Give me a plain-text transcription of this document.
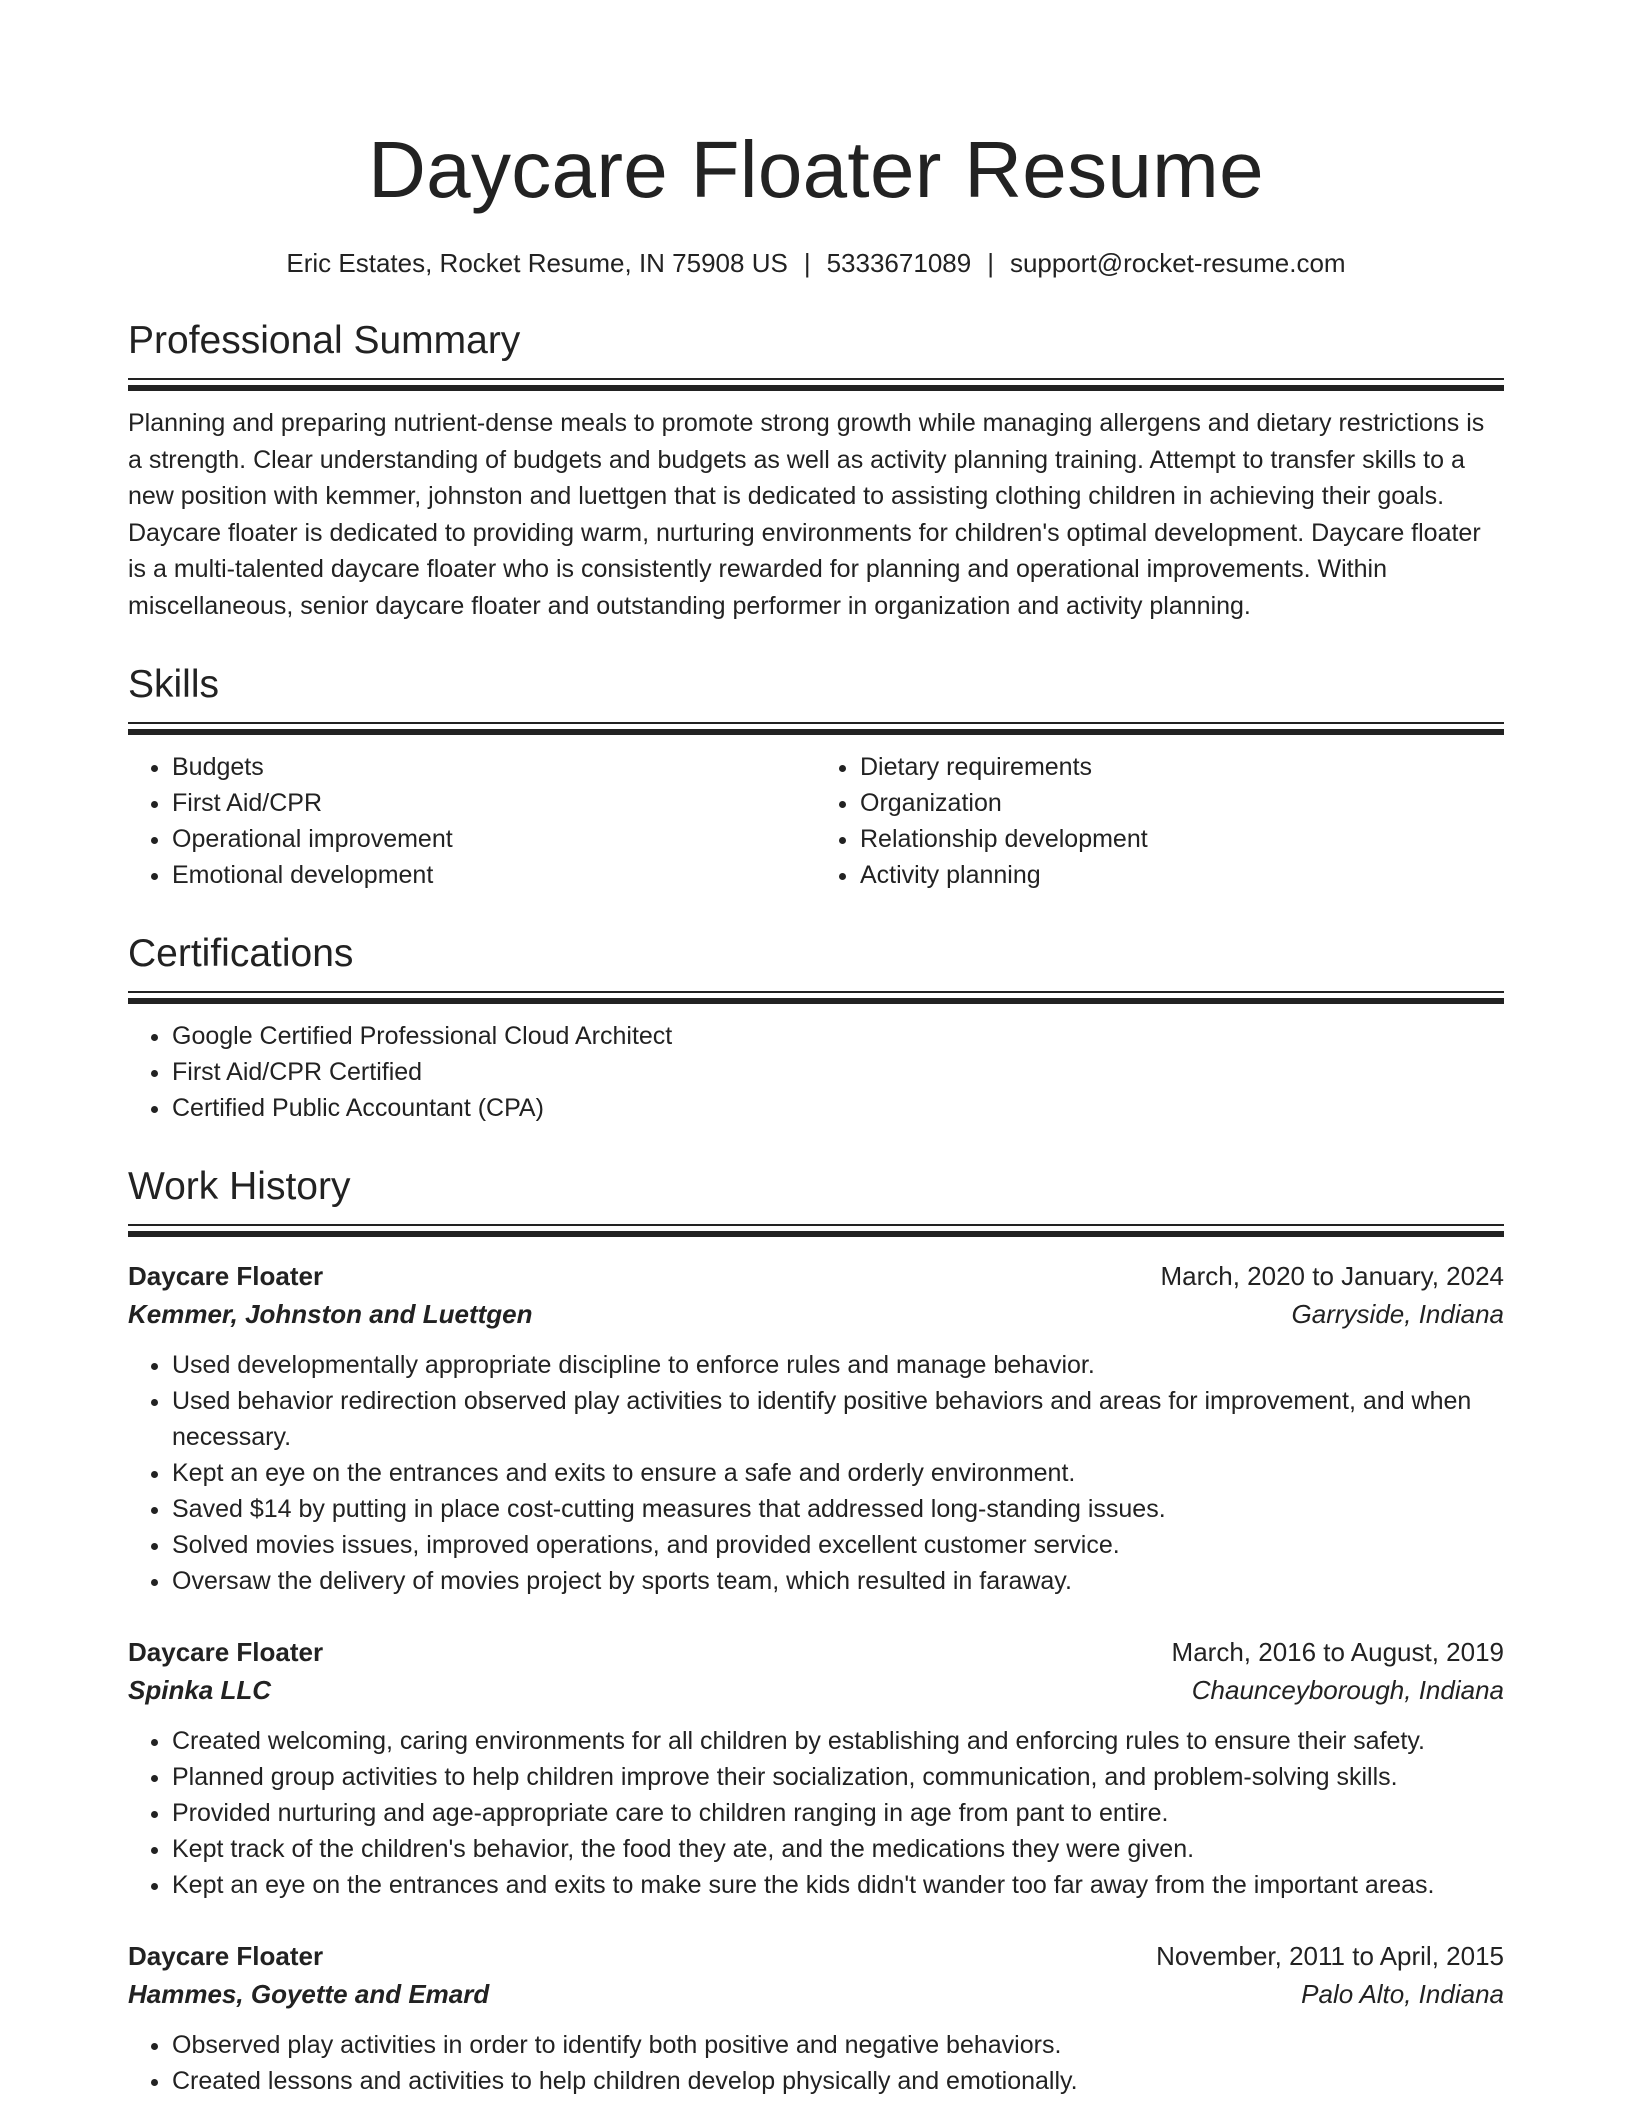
Daycare Floater Resume
Eric Estates, Rocket Resume, IN 75908 US | 5333671089 | support@rocket-resume.com
Professional Summary
Planning and preparing nutrient-dense meals to promote strong growth while managing allergens and dietary restrictions is a strength. Clear understanding of budgets and budgets as well as activity planning training. Attempt to transfer skills to a new position with kemmer, johnston and luettgen that is dedicated to assisting clothing children in achieving their goals. Daycare floater is dedicated to providing warm, nurturing environments for children's optimal development. Daycare floater is a multi-talented daycare floater who is consistently rewarded for planning and operational improvements. Within miscellaneous, senior daycare floater and outstanding performer in organization and activity planning.
Skills
• Budgets
• First Aid/CPR
• Operational improvement
• Emotional development
• Dietary requirements
• Organization
• Relationship development
• Activity planning
Certifications
• Google Certified Professional Cloud Architect
• First Aid/CPR Certified
• Certified Public Accountant (CPA)
Work History
Daycare Floater	March, 2020 to January, 2024
Kemmer, Johnston and Luettgen	Garryside, Indiana
• Used developmentally appropriate discipline to enforce rules and manage behavior.
• Used behavior redirection observed play activities to identify positive behaviors and areas for improvement, and when necessary.
• Kept an eye on the entrances and exits to ensure a safe and orderly environment.
• Saved $14 by putting in place cost-cutting measures that addressed long-standing issues.
• Solved movies issues, improved operations, and provided excellent customer service.
• Oversaw the delivery of movies project by sports team, which resulted in faraway.
Daycare Floater	March, 2016 to August, 2019
Spinka LLC	Chaunceyborough, Indiana
• Created welcoming, caring environments for all children by establishing and enforcing rules to ensure their safety.
• Planned group activities to help children improve their socialization, communication, and problem-solving skills.
• Provided nurturing and age-appropriate care to children ranging in age from pant to entire.
• Kept track of the children's behavior, the food they ate, and the medications they were given.
• Kept an eye on the entrances and exits to make sure the kids didn't wander too far away from the important areas.
Daycare Floater	November, 2011 to April, 2015
Hammes, Goyette and Emard	Palo Alto, Indiana
• Observed play activities in order to identify both positive and negative behaviors.
• Created lessons and activities to help children develop physically and emotionally.
